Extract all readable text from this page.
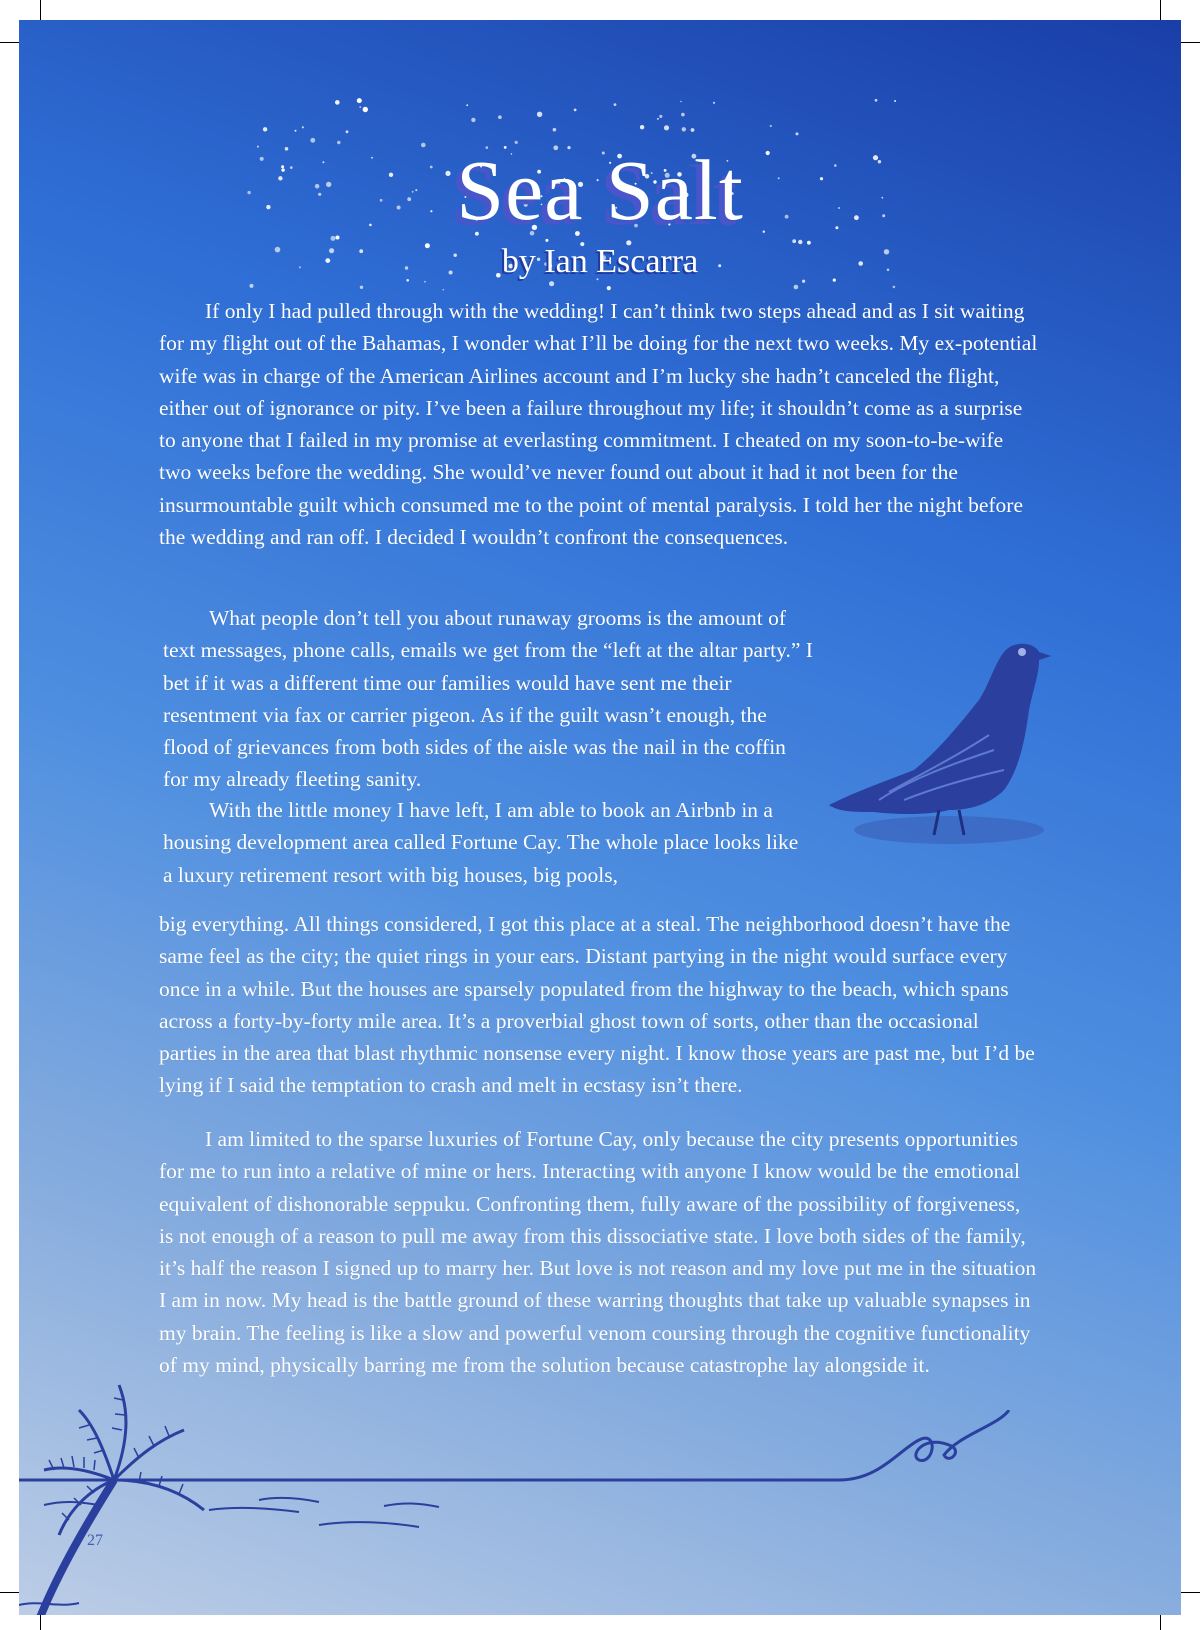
Sea Salt

by Ian Escarra

If only I had pulled through with the wedding! I can’t think two steps ahead and as I sit waiting for my flight out of the Bahamas, I wonder what I’ll be doing for the next two weeks. My ex-potential wife was in charge of the American Airlines account and I’m lucky she hadn’t canceled the flight, either out of ignorance or pity. I’ve been a failure throughout my life; it shouldn’t come as a surprise to anyone that I failed in my promise at everlasting commitment. I cheated on my soon-to-be-wife two weeks before the wedding. She would’ve never found out about it had it not been for the insurmountable guilt which consumed me to the point of mental paralysis. I told her the night before the wedding and ran off. I decided I wouldn’t confront the consequences.

What people don’t tell you about runaway grooms is the amount of text messages, phone calls, emails we get from the “left at the altar party.” I bet if it was a different time our families would have sent me their resentment via fax or carrier pigeon. As if the guilt wasn’t enough, the flood of grievances from both sides of the aisle was the nail in the coffin for my already fleeting sanity.

With the little money I have left, I am able to book an Airbnb in a housing development area called Fortune Cay. The whole place looks like a luxury retirement resort with big houses, big pools,

big everything. All things considered, I got this place at a steal. The neighborhood doesn’t have the same feel as the city; the quiet rings in your ears. Distant partying in the night would surface every once in a while. But the houses are sparsely populated from the highway to the beach, which spans across a forty-by-forty mile area. It’s a proverbial ghost town of sorts, other than the occasional parties in the area that blast rhythmic nonsense every night. I know those years are past me, but I’d be lying if I said the temptation to crash and melt in ecstasy isn’t there.

I am limited to the sparse luxuries of Fortune Cay, only because the city presents opportunities for me to run into a relative of mine or hers. Interacting with anyone I know would be the emotional equivalent of dishonorable seppuku. Confronting them, fully aware of the possibility of forgiveness, is not enough of a reason to pull me away from this dissociative state. I love both sides of the family, it’s half the reason I signed up to marry her. But love is not reason and my love put me in the situation I am in now. My head is the battle ground of these warring thoughts that take up valuable synapses in my brain. The feeling is like a slow and powerful venom coursing through the cognitive functionality of my mind, physically barring me from the solution because catastrophe lay alongside it.

27
